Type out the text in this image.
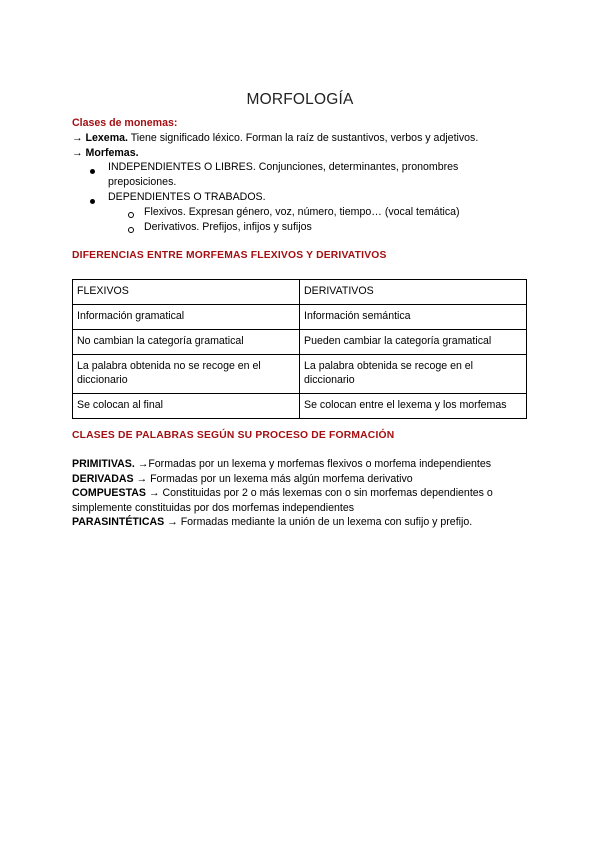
MORFOLOGÍA
Clases de monemas:
→ Lexema. Tiene significado léxico. Forman la raíz de sustantivos, verbos y adjetivos.
→ Morfemas.
INDEPENDIENTES O LIBRES. Conjunciones, determinantes, pronombres
preposiciones.
DEPENDIENTES O TRABADOS.
Flexivos. Expresan género, voz, número, tiempo… (vocal temática)
Derivativos. Prefijos, infijos y sufijos
DIFERENCIAS ENTRE MORFEMAS FLEXIVOS Y DERIVATIVOS
FLEXIVOS	DERIVATIVOS
Información gramatical	Información semántica
No cambian la categoría gramatical	Pueden cambiar la categoría gramatical
La palabra obtenida no se recoge en el diccionario	La palabra obtenida se recoge en el diccionario
Se colocan al final	Se colocan entre el lexema y los morfemas
CLASES DE PALABRAS SEGÚN SU PROCESO DE FORMACIÓN
PRIMITIVAS. →Formadas por un lexema y morfemas flexivos o morfema independientes
DERIVADAS → Formadas por un lexema más algún morfema derivativo
COMPUESTAS → Constituidas por 2 o más lexemas con o sin morfemas dependientes o
simplemente constituidas por dos morfemas independientes
PARASINTÉTICAS → Formadas mediante la unión de un lexema con sufijo y prefijo.
